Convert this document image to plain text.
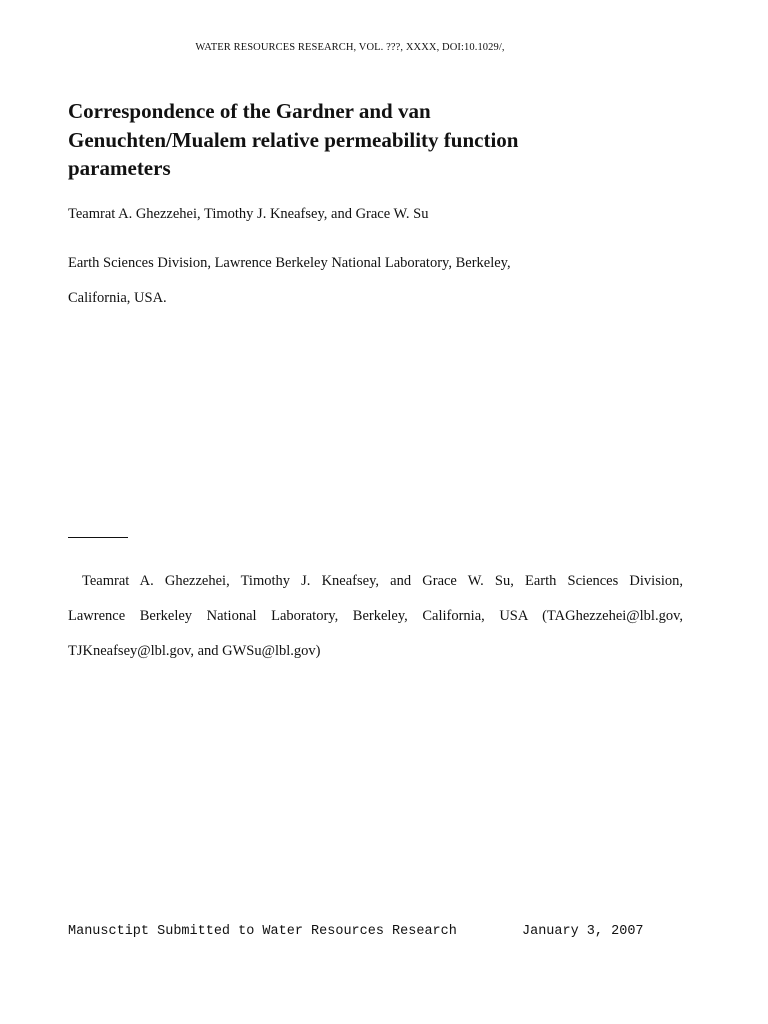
WATER RESOURCES RESEARCH, VOL. ???, XXXX, DOI:10.1029/,
Correspondence of the Gardner and van
Genuchten/Mualem relative permeability function
parameters
Teamrat A. Ghezzehei, Timothy J. Kneafsey, and Grace W. Su
Earth Sciences Division, Lawrence Berkeley National Laboratory, Berkeley,
California, USA.
Teamrat A. Ghezzehei, Timothy J. Kneafsey, and Grace W. Su, Earth Sciences Division,
Lawrence Berkeley National Laboratory, Berkeley, California, USA (TAGhezzehei@lbl.gov,
TJKneafsey@lbl.gov, and GWSu@lbl.gov)
Manusctipt Submitted to Water Resources Research	January 3, 2007
